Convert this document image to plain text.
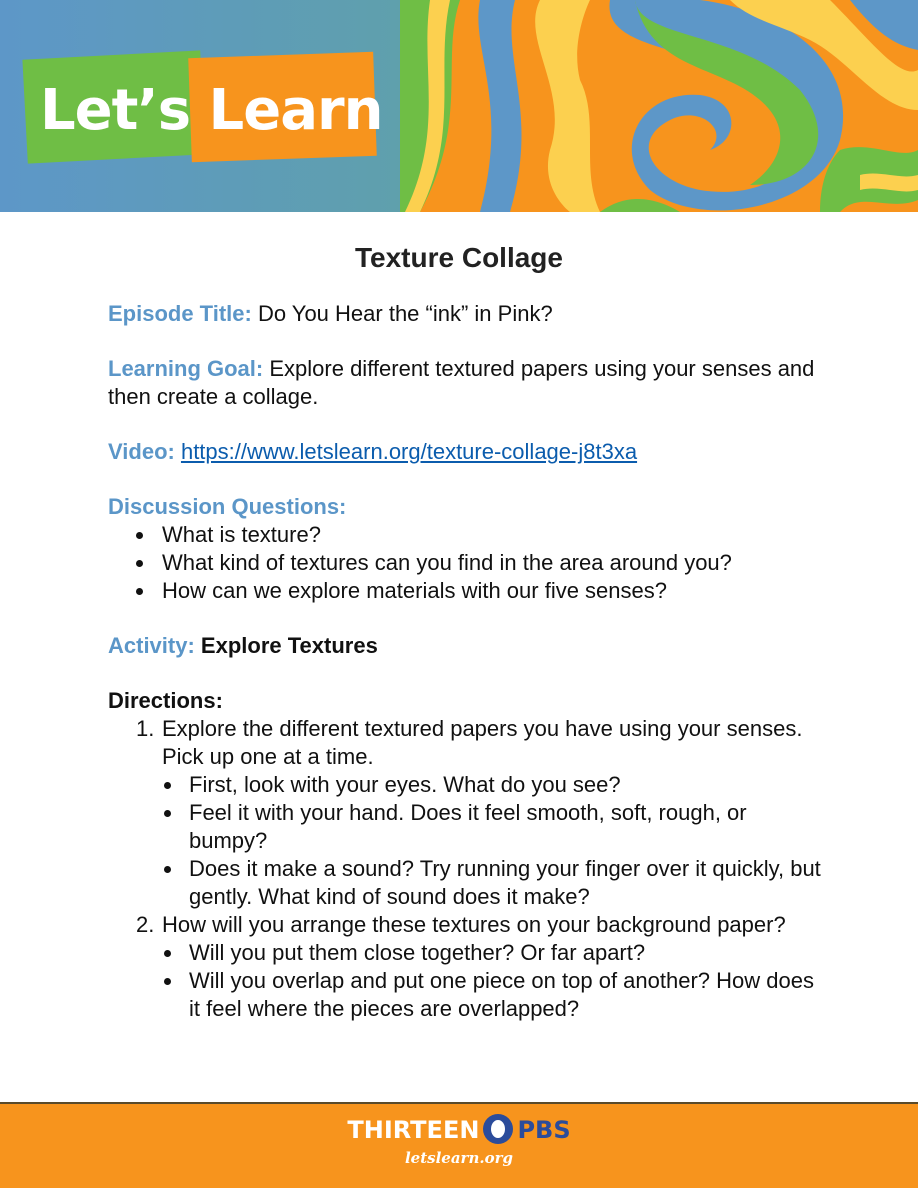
Let’s Learn
Texture Collage

Episode Title: Do You Hear the “ink” in Pink?

Learning Goal: Explore different textured papers using your senses and then create a collage.

Video: https://www.letslearn.org/texture-collage-j8t3xa

Discussion Questions:

What is texture?
What kind of textures can you find in the area around you?
How can we explore materials with our five senses?

Activity: Explore Textures

Directions:

1. Explore the different textured papers you have using your senses. Pick up one at a time.
First, look with your eyes. What do you see?
Feel it with your hand. Does it feel smooth, soft, rough, or bumpy?
Does it make a sound? Try running your finger over it quickly, but gently. What kind of sound does it make?
2. How will you arrange these textures on your background paper?
Will you put them close together? Or far apart?
Will you overlap and put one piece on top of another? How does it feel where the pieces are overlapped?
THIRTEEN PBS
letslearn.org
